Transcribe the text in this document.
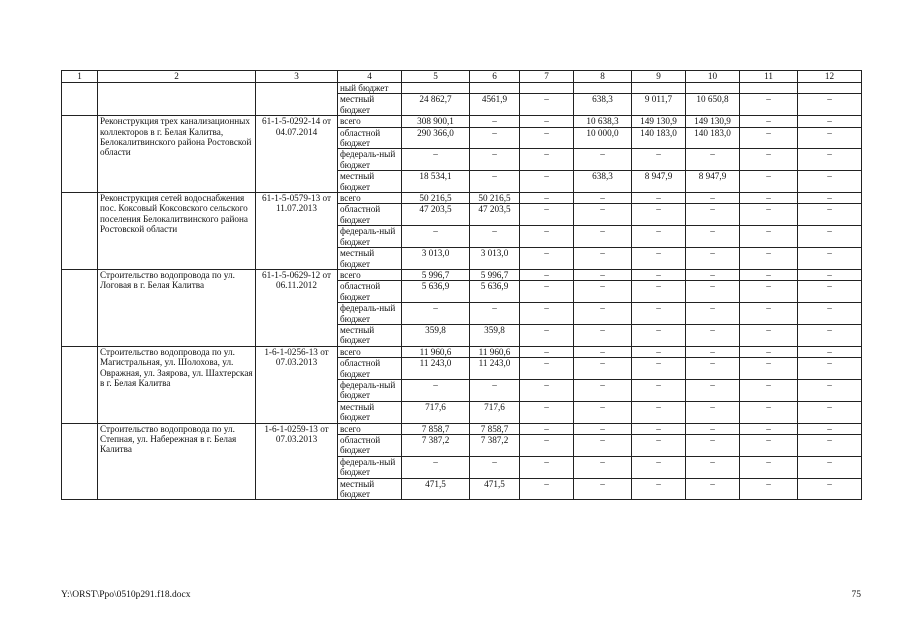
1	2	3	4	5	6	7	8	9	10	11	12
			ный бюджет								
			местный бюджет	24 862,7	4561,9	–	638,3	9 011,7	10 650,8	–	–
	Реконструкция трех канализационных коллекторов в г. Белая Калитва, Белокалитвинского района Ростовской области	61-1-5-0292-14 от 04.07.2014	всего	308 900,1	–	–	10 638,3	149 130,9	149 130,9	–	–
			областной бюджет	290 366,0	–	–	10 000,0	140 183,0	140 183,0	–	–
			федераль-ный бюджет	–	–	–	–	–	–	–	–
			местный бюджет	18 534,1	–	–	638,3	8 947,9	8 947,9	–	–
	Реконструкция сетей водоснабжения пос. Коксовый Коксовского сельского поселения Белокалитвинского района Ростовской области	61-1-5-0579-13 от 11.07.2013	всего	50 216,5	50 216,5	–	–	–	–	–	–
			областной бюджет	47 203,5	47 203,5	–	–	–	–	–	–
			федераль-ный бюджет	–	–	–	–	–	–	–	–
			местный бюджет	3 013,0	3 013,0	–	–	–	–	–	–
	Строительство водопровода по ул. Логовая в г. Белая Калитва	61-1-5-0629-12 от 06.11.2012	всего	5 996,7	5 996,7	–	–	–	–	–	–
			областной бюджет	5 636,9	5 636,9	–	–	–	–	–	–
			федераль-ный бюджет	–	–	–	–	–	–	–	–
			местный бюджет	359,8	359,8	–	–	–	–	–	–
	Строительство водопровода по ул. Магистральная, ул. Шолохова, ул. Овражная, ул. Заярова, ул. Шахтерская в г. Белая Калитва	1-6-1-0256-13 от 07.03.2013	всего	11 960,6	11 960,6	–	–	–	–	–	–
			областной бюджет	11 243,0	11 243,0	–	–	–	–	–	–
			федераль-ный бюджет	–	–	–	–	–	–	–	–
			местный бюджет	717,6	717,6	–	–	–	–	–	–
	Строительство водопровода по ул. Степная, ул. Набережная в г. Белая Калитва	1-6-1-0259-13 от 07.03.2013	всего	7 858,7	7 858,7	–	–	–	–	–	–
			областной бюджет	7 387,2	7 387,2	–	–	–	–	–	–
			федераль-ный бюджет	–	–	–	–	–	–	–	–
			местный бюджет	471,5	471,5	–	–	–	–	–	–
Y:\ORST\Ppo\0510p291.f18.docx	75
